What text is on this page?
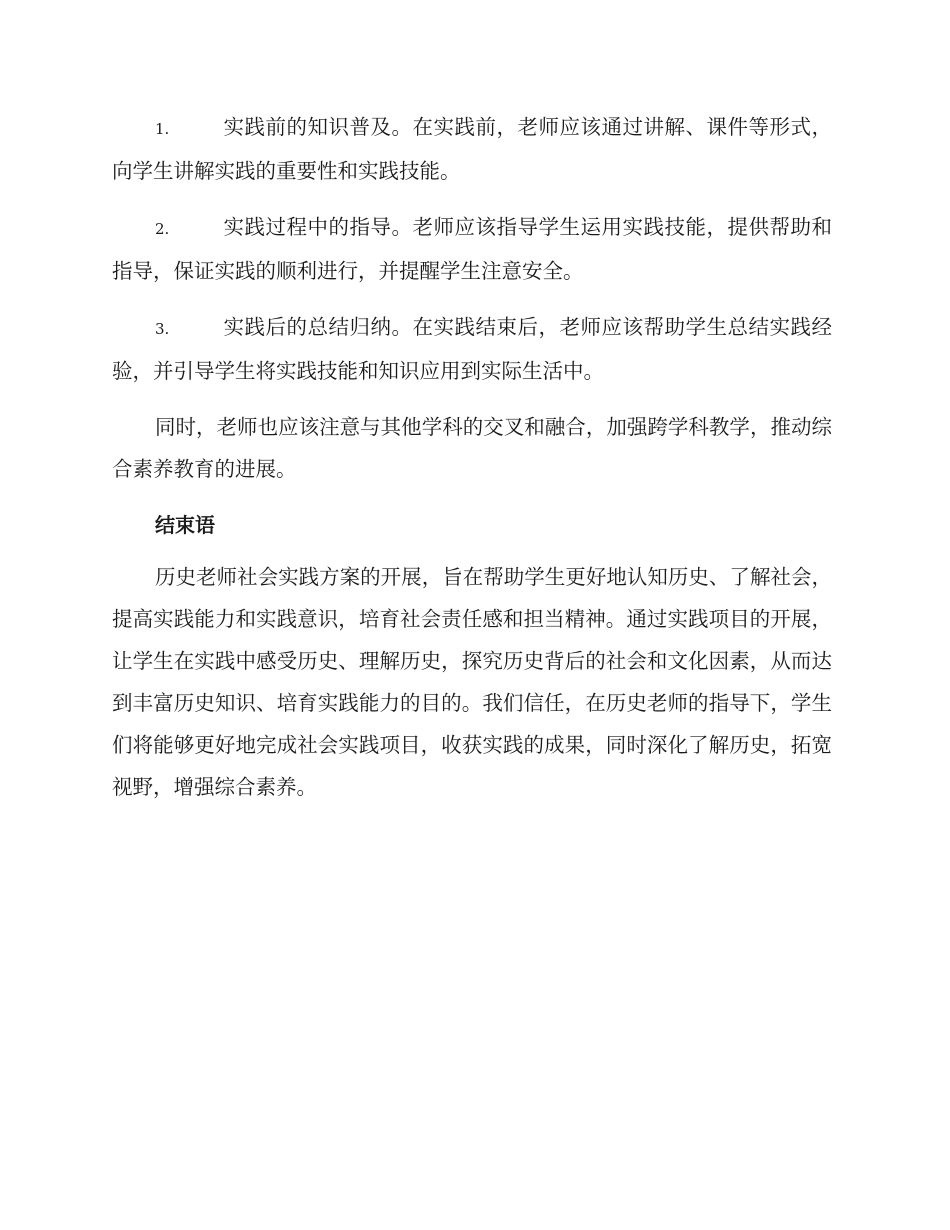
1.	实践前的知识普及。在实践前，老师应该通过讲解、课件等形式，向学生讲解实践的重要性和实践技能。

2.	实践过程中的指导。老师应该指导学生运用实践技能，提供帮助和指导，保证实践的顺利进行，并提醒学生注意安全。

3.	实践后的总结归纳。在实践结束后，老师应该帮助学生总结实践经验，并引导学生将实践技能和知识应用到实际生活中。

同时，老师也应该注意与其他学科的交叉和融合，加强跨学科教学，推动综合素养教育的进展。

结束语

历史老师社会实践方案的开展，旨在帮助学生更好地认知历史、了解社会，提高实践能力和实践意识，培育社会责任感和担当精神。通过实践项目的开展，让学生在实践中感受历史、理解历史，探究历史背后的社会和文化因素，从而达到丰富历史知识、培育实践能力的目的。我们信任，在历史老师的指导下，学生们将能够更好地完成社会实践项目，收获实践的成果，同时深化了解历史，拓宽视野，增强综合素养。
